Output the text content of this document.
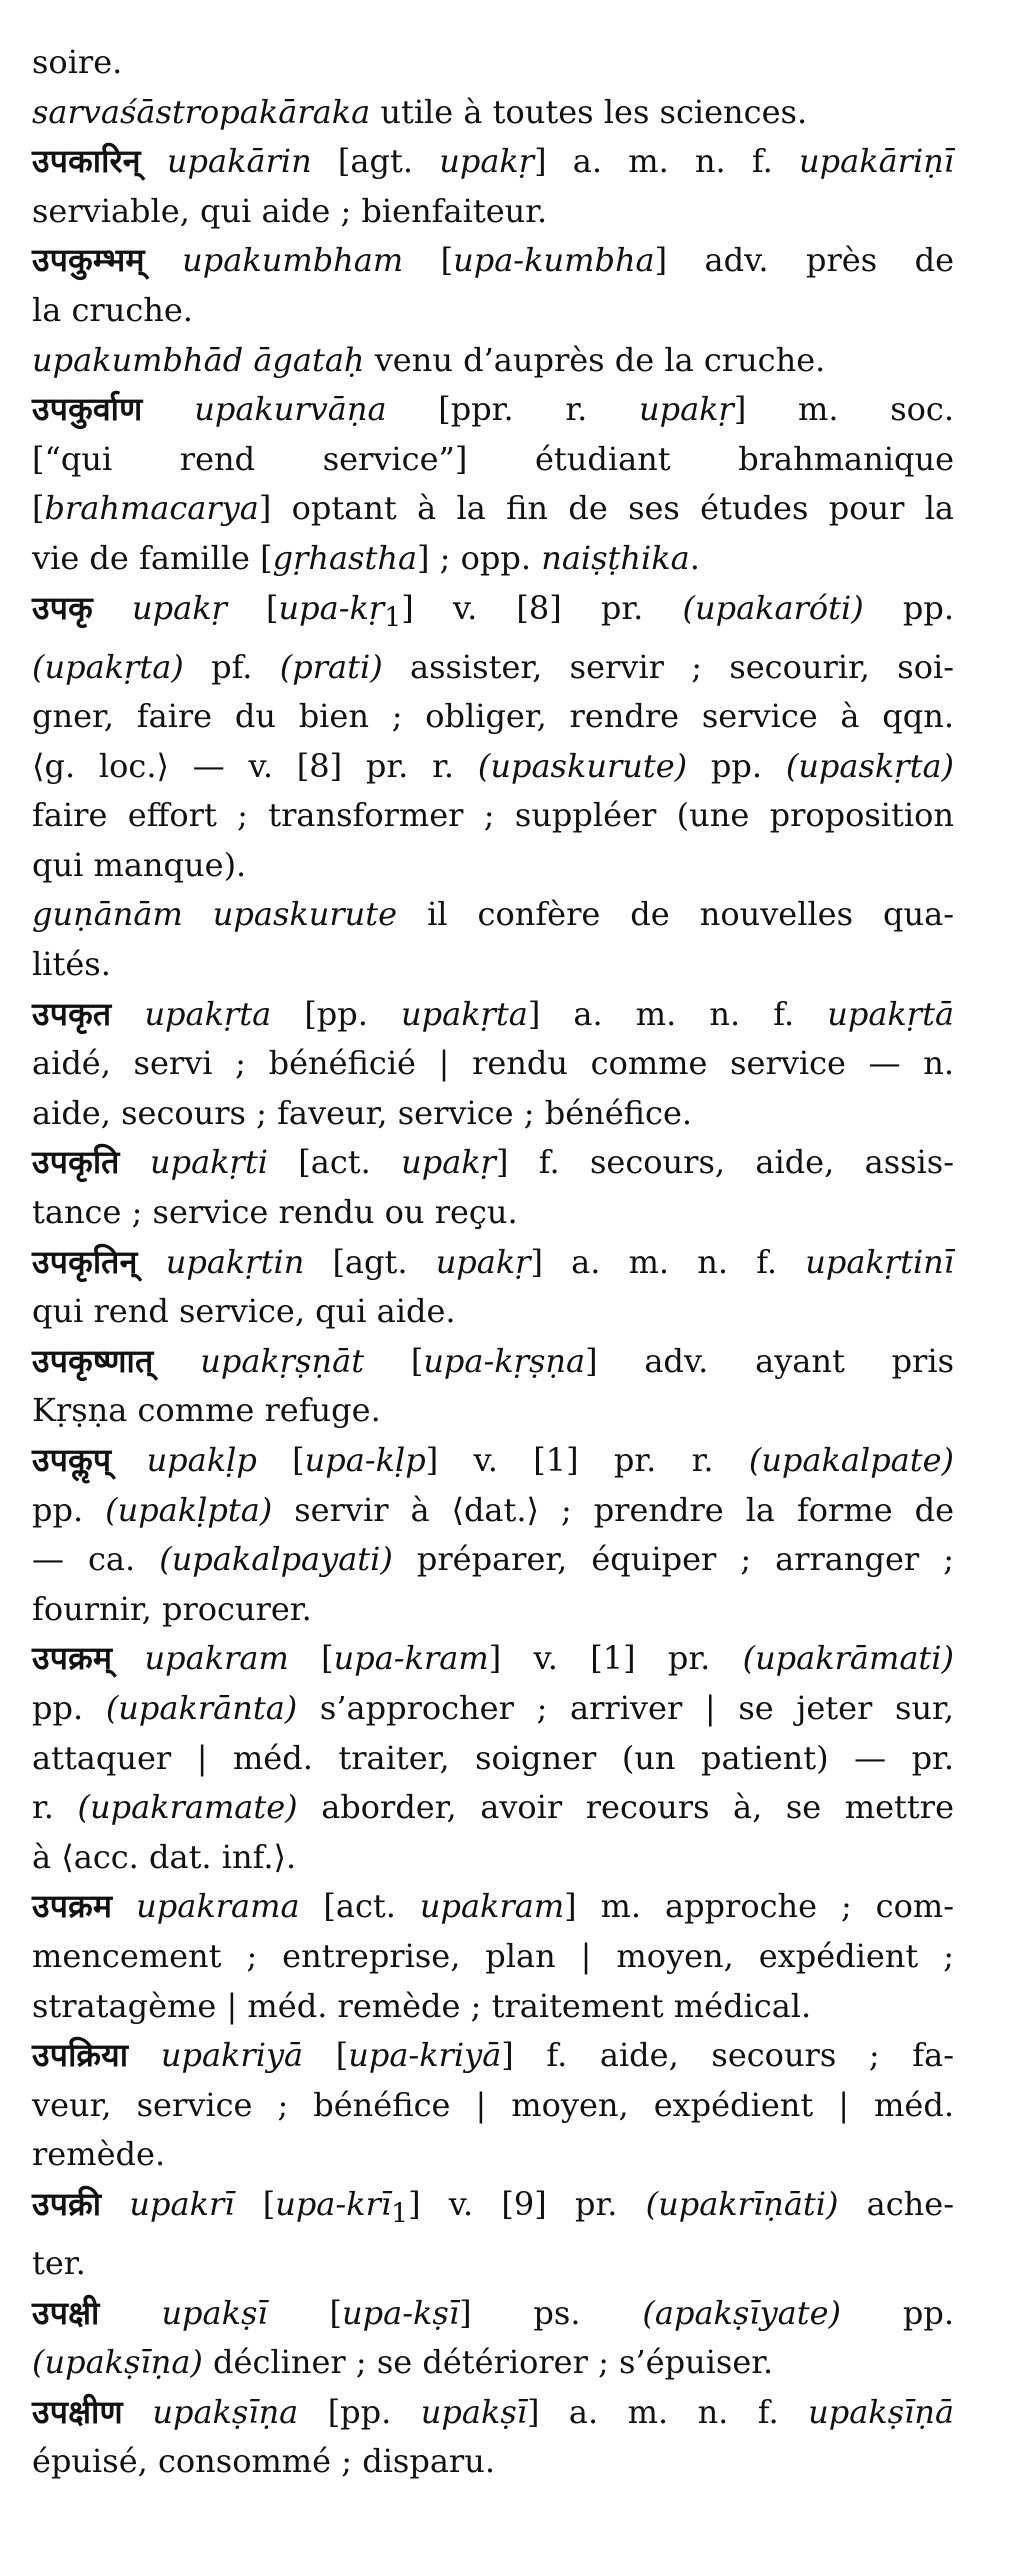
soire.
sarvaśāstropakāraka utile à toutes les sciences.
उपकारिन् upakārin [agt. upakṛ] a. m. n. f. upakāriṇī
serviable, qui aide ; bienfaiteur.
उपकुम्भम् upakumbham [upa-kumbha] adv. près de
la cruche.
upakumbhād āgataḥ venu d’auprès de la cruche.
उपकुर्वाण upakurvāṇa [ppr. r. upakṛ] m. soc.
[“qui rend service”] étudiant brahmanique
[brahmacarya] optant à la fin de ses études pour la
vie de famille [gṛhastha] ; opp. naiṣṭhika.
उपकृ upakṛ [upa-kṛ$_1$] v. [8] pr. (upakaróti) pp.
(upakṛta) pf. (prati) assister, servir ; secourir, soi-
gner, faire du bien ; obliger, rendre service à qqn.
⟨g. loc.⟩ — v. [8] pr. r. (upaskurute) pp. (upaskṛta)
faire effort ; transformer ; suppléer (une proposition
qui manque).
guṇānām upaskurute il confère de nouvelles qua-
lités.
उपकृत upakṛta [pp. upakṛta] a. m. n. f. upakṛtā
aidé, servi ; bénéficié | rendu comme service — n.
aide, secours ; faveur, service ; bénéfice.
उपकृति upakṛti [act. upakṛ] f. secours, aide, assis-
tance ; service rendu ou reçu.
उपकृतिन् upakṛtin [agt. upakṛ] a. m. n. f. upakṛtinī
qui rend service, qui aide.
उपकृष्णात् upakṛṣṇāt [upa-kṛṣṇa] adv. ayant pris
Kṛṣṇa comme refuge.
उपकॢप् upakḷp [upa-kḷp] v. [1] pr. r. (upakalpate)
pp. (upakḷpta) servir à ⟨dat.⟩ ; prendre la forme de
— ca. (upakalpayati) préparer, équiper ; arranger ;
fournir, procurer.
उपक्रम् upakram [upa-kram] v. [1] pr. (upakrāmati)
pp. (upakrānta) s’approcher ; arriver | se jeter sur,
attaquer | méd. traiter, soigner (un patient) — pr.
r. (upakramate) aborder, avoir recours à, se mettre
à ⟨acc. dat. inf.⟩.
उपक्रम upakrama [act. upakram] m. approche ; com-
mencement ; entreprise, plan | moyen, expédient ;
stratagème | méd. remède ; traitement médical.
उपक्रिया upakriyā [upa-kriyā] f. aide, secours ; fa-
veur, service ; bénéfice | moyen, expédient | méd.
remède.
उपक्री upakrī [upa-krī$_1$] v. [9] pr. (upakrīṇāti) ache-
ter.
उपक्षी upakṣī [upa-kṣī] ps. (apakṣīyate) pp.
(upakṣīṇa) décliner ; se détériorer ; s’épuiser.
उपक्षीण upakṣīṇa [pp. upakṣī] a. m. n. f. upakṣīṇā
épuisé, consommé ; disparu.
